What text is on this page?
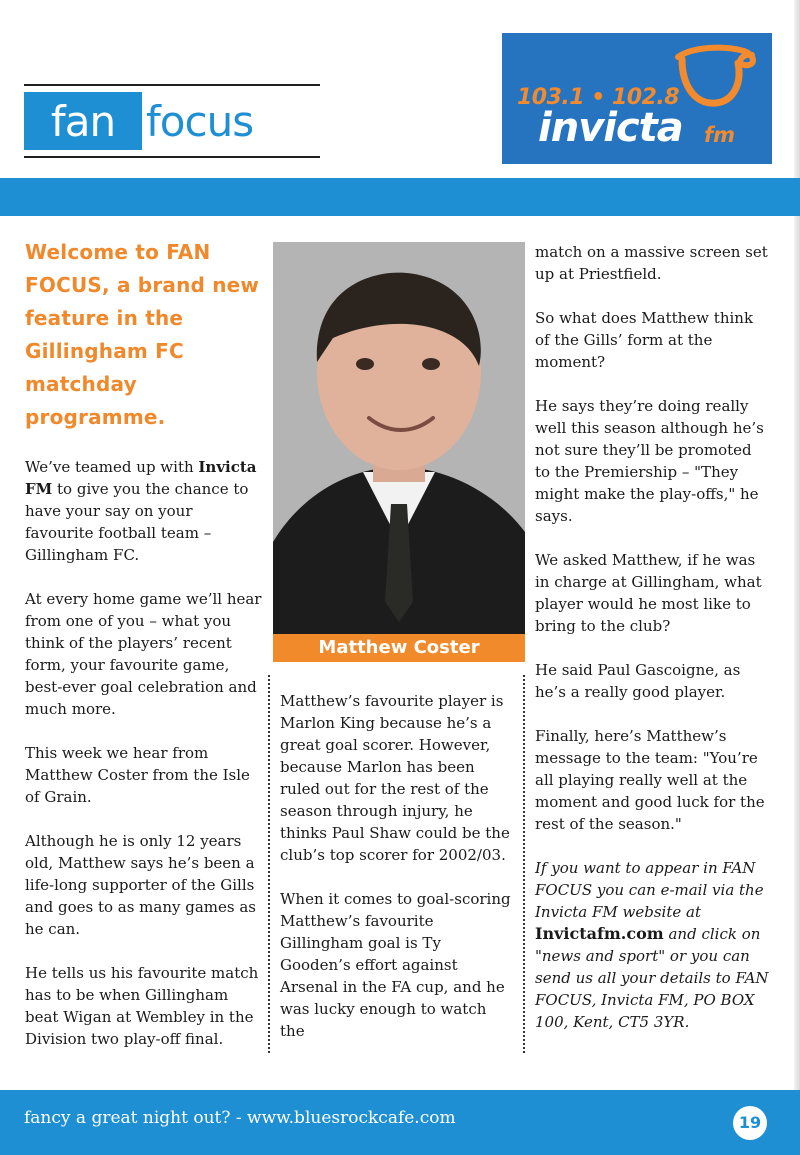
fan focus	103.1 • 102.8
invicta fm
Welcome to FAN FOCUS, a brand new feature in the Gillingham FC matchday programme.

We’ve teamed up with Invicta FM to give you the chance to have your say on your favourite football team – Gillingham FC.

At every home game we’ll hear from one of you – what you think of the players’ recent form, your favourite game, best-ever goal celebration and much more.

This week we hear from Matthew Coster from the Isle of Grain.

Although he is only 12 years old, Matthew says he’s been a life-long supporter of the Gills and goes to as many games as he can.

He tells us his favourite match has to be when Gillingham beat Wigan at Wembley in the Division two play-off final.

Matthew Coster

Matthew’s favourite player is Marlon King because he’s a great goal scorer. However, because Marlon has been ruled out for the rest of the season through injury, he thinks Paul Shaw could be the club’s top scorer for 2002/03.

When it comes to goal-scoring Matthew’s favourite Gillingham goal is Ty Gooden’s effort against Arsenal in the FA cup, and he was lucky enough to watch the

match on a massive screen set up at Priestfield.

So what does Matthew think of the Gills’ form at the moment?

He says they’re doing really well this season although he’s not sure they’ll be promoted to the Premiership – "They might make the play-offs," he says.

We asked Matthew, if he was in charge at Gillingham, what player would he most like to bring to the club?

He said Paul Gascoigne, as he’s a really good player.

Finally, here’s Matthew’s message to the team: "You’re all playing really well at the moment and good luck for the rest of the season."

If you want to appear in FAN FOCUS you can e-mail via the Invicta FM website at Invictafm.com and click on "news and sport" or you can send us all your details to FAN FOCUS, Invicta FM, PO BOX 100, Kent, CT5 3YR.

fancy a great night out? - www.bluesrockcafe.com	19
